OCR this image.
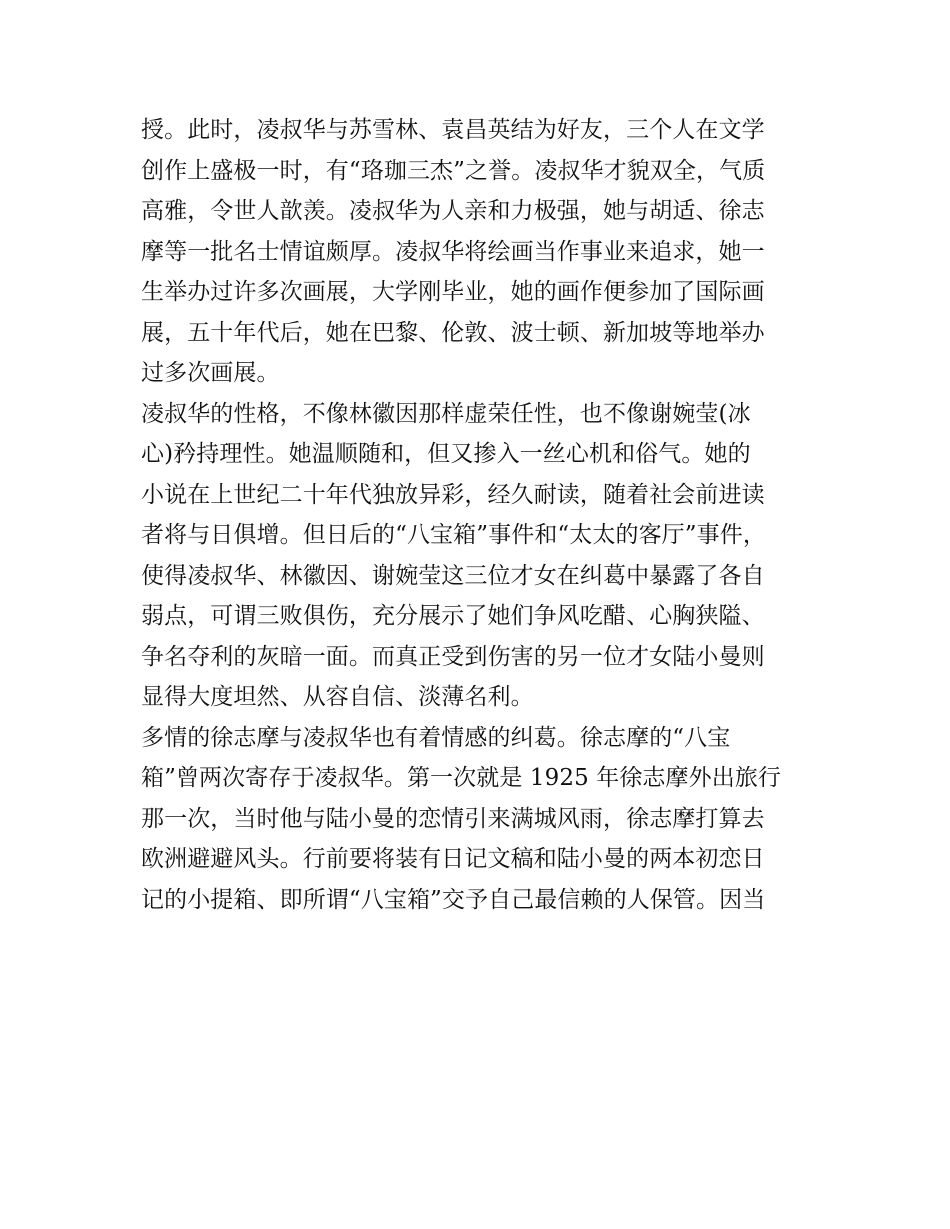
授。此时，凌叔华与苏雪林、袁昌英结为好友，三个人在文学
创作上盛极一时，有“珞珈三杰”之誉。凌叔华才貌双全，气质
高雅，令世人歆羡。凌叔华为人亲和力极强，她与胡适、徐志
摩等一批名士情谊颇厚。凌叔华将绘画当作事业来追求，她一
生举办过许多次画展，大学刚毕业，她的画作便参加了国际画
展，五十年代后，她在巴黎、伦敦、波士顿、新加坡等地举办
过多次画展。
凌叔华的性格，不像林徽因那样虚荣任性，也不像谢婉莹(冰
心)矜持理性。她温顺随和，但又掺入一丝心机和俗气。她的
小说在上世纪二十年代独放异彩，经久耐读，随着社会前进读
者将与日俱增。但日后的“八宝箱”事件和“太太的客厅”事件，
使得凌叔华、林徽因、谢婉莹这三位才女在纠葛中暴露了各自
弱点，可谓三败俱伤，充分展示了她们争风吃醋、心胸狭隘、
争名夺利的灰暗一面。而真正受到伤害的另一位才女陆小曼则
显得大度坦然、从容自信、淡薄名利。
多情的徐志摩与凌叔华也有着情感的纠葛。徐志摩的“八宝
箱”曾两次寄存于凌叔华。第一次就是 1925 年徐志摩外出旅行
那一次，当时他与陆小曼的恋情引来满城风雨，徐志摩打算去
欧洲避避风头。行前要将装有日记文稿和陆小曼的两本初恋日
记的小提箱、即所谓“八宝箱”交予自己最信赖的人保管。因当
